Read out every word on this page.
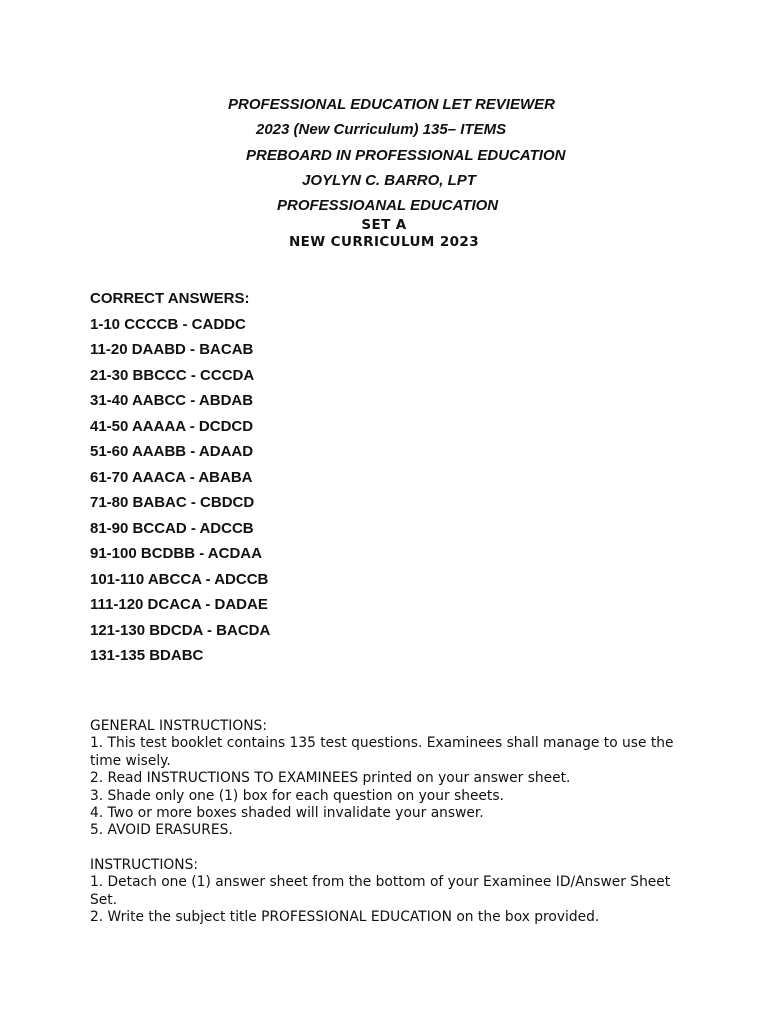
PROFESSIONAL EDUCATION LET REVIEWER
2023 (New Curriculum) 135– ITEMS
PREBOARD IN PROFESSIONAL EDUCATION
JOYLYN C. BARRO, LPT
PROFESSIOANAL EDUCATION
SET A
NEW CURRICULUM 2023
CORRECT ANSWERS:
1-10 CCCCB - CADDC
11-20 DAABD - BACAB
21-30 BBCCC - CCCDA
31-40 AABCC - ABDAB
41-50 AAAAA - DCDCD
51-60 AAABB - ADAAD
61-70 AAACA - ABABA
71-80 BABAC - CBDCD
81-90 BCCAD - ADCCB
91-100 BCDBB - ACDAA
101-110 ABCCA - ADCCB
111-120 DCACA - DADAE
121-130 BDCDA - BACDA
131-135 BDABC
GENERAL INSTRUCTIONS:
1. This test booklet contains 135 test questions. Examinees shall manage to use the time wisely.
2. Read INSTRUCTIONS TO EXAMINEES printed on your answer sheet.
3. Shade only one (1) box for each question on your sheets.
4. Two or more boxes shaded will invalidate your answer.
5. AVOID ERASURES.
INSTRUCTIONS:
1. Detach one (1) answer sheet from the bottom of your Examinee ID/Answer Sheet Set.
2. Write the subject title PROFESSIONAL EDUCATION on the box provided.
